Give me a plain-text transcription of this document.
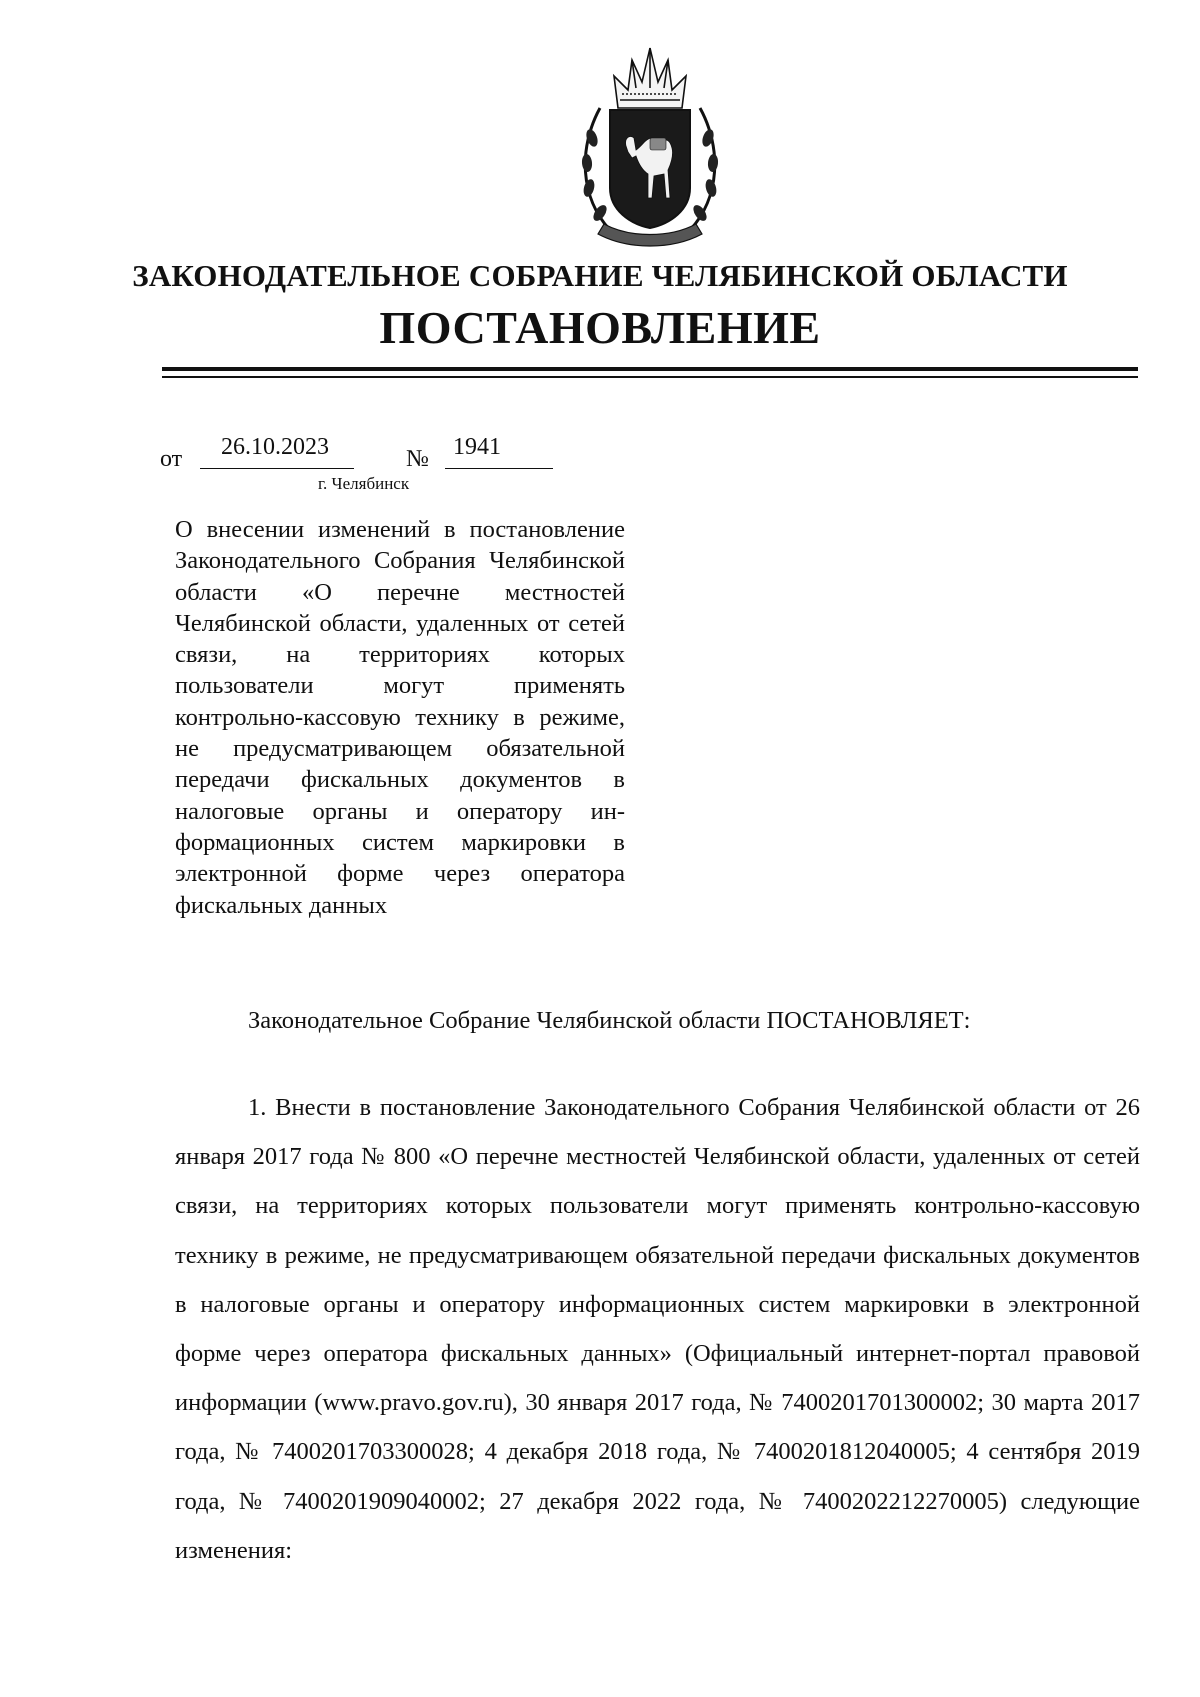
ЗАКОНОДАТЕЛЬНОЕ СОБРАНИЕ ЧЕЛЯБИНСКОЙ ОБЛАСТИ
ПОСТАНОВЛЕНИЕ
от	26.10.2023	№ 1941
г. Челябинск
О внесении изменений в постановление Законодательного Собрания Челябинской области «О перечне местностей Челябинской области, удаленных от сетей связи, на территориях которых пользователи могут применять контрольно-кассовую технику в режиме, не предусматривающем обязательной передачи фискальных документов в налоговые органы и оператору информационных систем маркировки в электронной форме через оператора фискальных данных
Законодательное Собрание Челябинской области ПОСТАНОВЛЯЕТ:
1. Внести в постановление Законодательного Собрания Челябинской области от 26 января 2017 года № 800 «О перечне местностей Челябинской области, удаленных от сетей связи, на территориях которых пользователи могут применять контрольно-кассовую технику в режиме, не предусматривающем обязательной передачи фискальных документов в налоговые органы и оператору информационных систем маркировки в электронной форме через оператора фискальных данных» (Официальный интернет-портал правовой информации (www.pravo.gov.ru), 30 января 2017 года, № 7400201701300002; 30 марта 2017 года, № 7400201703300028; 4 декабря 2018 года, № 7400201812040005; 4 сентября 2019 года, № 7400201909040002; 27 декабря 2022 года, № 7400202212270005) следующие изменения:
